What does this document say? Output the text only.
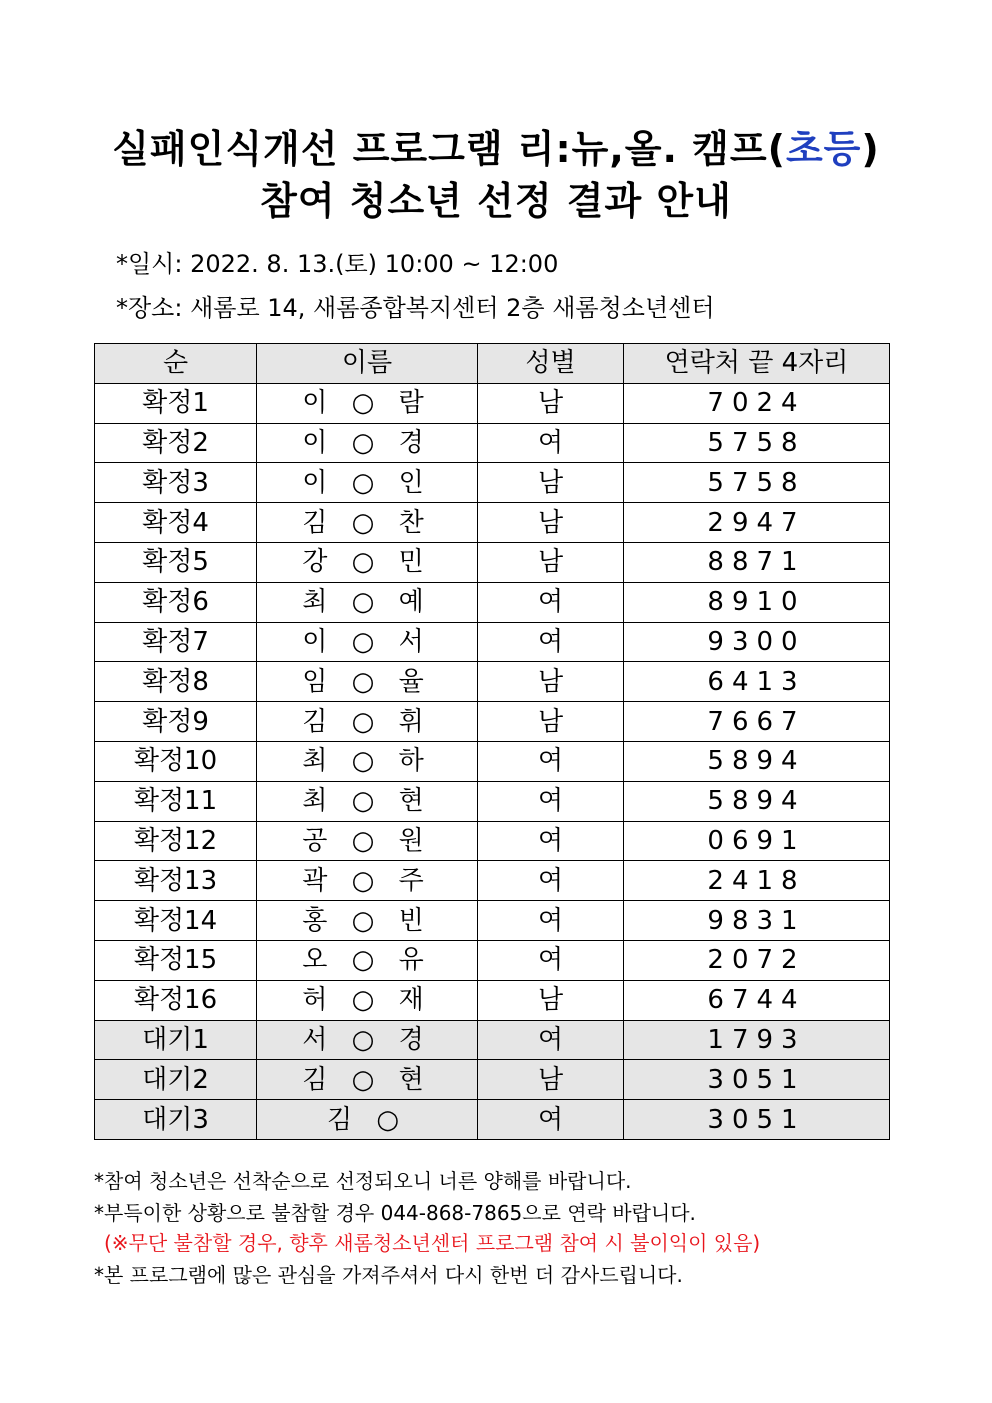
실패인식개선 프로그램 리:뉴,올. 캠프(초등)
참여 청소년 선정 결과 안내
*일시: 2022. 8. 13.(토) 10:00 ~ 12:00
*장소: 새롬로 14, 새롬종합복지센터 2층 새롬청소년센터
순	이름	성별	연락처 끝 4자리
확정1	이 ○ 람	남	7024
확정2	이 ○ 경	여	5758
확정3	이 ○ 인	남	5758
확정4	김 ○ 찬	남	2947
확정5	강 ○ 민	남	8871
확정6	최 ○ 예	여	8910
확정7	이 ○ 서	여	9300
확정8	임 ○ 율	남	6413
확정9	김 ○ 휘	남	7667
확정10	최 ○ 하	여	5894
확정11	최 ○ 현	여	5894
확정12	공 ○ 원	여	0691
확정13	곽 ○ 주	여	2418
확정14	홍 ○ 빈	여	9831
확정15	오 ○ 유	여	2072
확정16	허 ○ 재	남	6744
대기1	서 ○ 경	여	1793
대기2	김 ○ 현	남	3051
대기3	김 ○	여	3051
*참여 청소년은 선착순으로 선정되오니 너른 양해를 바랍니다.
*부득이한 상황으로 불참할 경우 044-868-7865으로 연락 바랍니다.
(※무단 불참할 경우, 향후 새롬청소년센터 프로그램 참여 시 불이익이 있음)
*본 프로그램에 많은 관심을 가져주셔서 다시 한번 더 감사드립니다.
